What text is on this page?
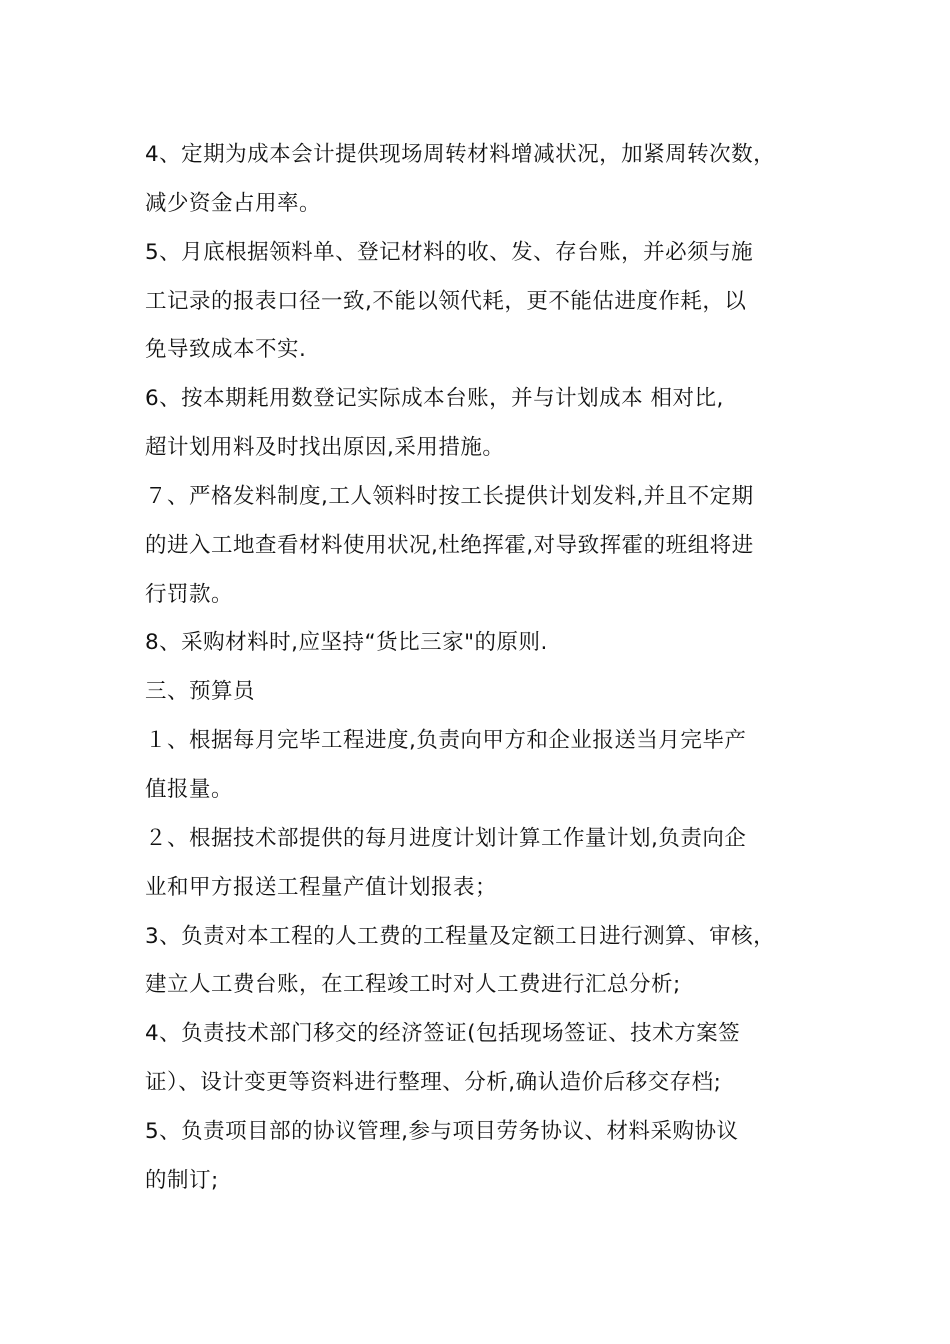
4、定期为成本会计提供现场周转材料增减状况，加紧周转次数，
减少资金占用率。
5、月底根据领料单、登记材料的收、发、存台账，并必须与施
工记录的报表口径一致,不能以领代耗，更不能估进度作耗，以
免导致成本不实.
6、按本期耗用数登记实际成本台账，并与计划成本 相对比,
超计划用料及时找出原因,采用措施。
７、严格发料制度,工人领料时按工长提供计划发料,并且不定期
的进入工地查看材料使用状况,杜绝挥霍,对导致挥霍的班组将进
行罚款。
8、采购材料时,应坚持“货比三家"的原则.
三、预算员
１、根据每月完毕工程进度,负责向甲方和企业报送当月完毕产
值报量。
２、根据技术部提供的每月进度计划计算工作量计划,负责向企
业和甲方报送工程量产值计划报表；
3、负责对本工程的人工费的工程量及定额工日进行测算、审核，
建立人工费台账，在工程竣工时对人工费进行汇总分析;
4、负责技术部门移交的经济签证(包括现场签证、技术方案签
证）、设计变更等资料进行整理、分析,确认造价后移交存档;
5、负责项目部的协议管理,参与项目劳务协议、材料采购协议
的制订;
